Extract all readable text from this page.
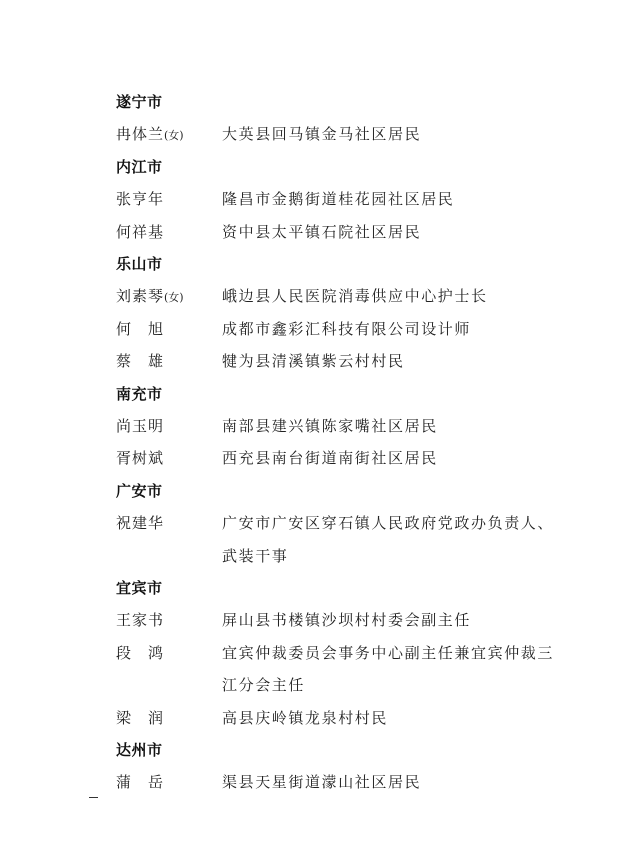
遂宁市
冉体兰(女)	大英县回马镇金马社区居民
内江市
张亨年	隆昌市金鹅街道桂花园社区居民
何祥基	资中县太平镇石院社区居民
乐山市
刘素琴(女)	峨边县人民医院消毒供应中心护士长
何　旭	成都市鑫彩汇科技有限公司设计师
蔡　雄	犍为县清溪镇紫云村村民
南充市
尚玉明	南部县建兴镇陈家嘴社区居民
胥树斌	西充县南台街道南街社区居民
广安市
祝建华	广安市广安区穿石镇人民政府党政办负责人、武装干事
宜宾市
王家书	屏山县书楼镇沙坝村村委会副主任
段　鸿	宜宾仲裁委员会事务中心副主任兼宜宾仲裁三江分会主任
梁　润	高县庆岭镇龙泉村村民
达州市
蒲　岳	渠县天星街道濛山社区居民
